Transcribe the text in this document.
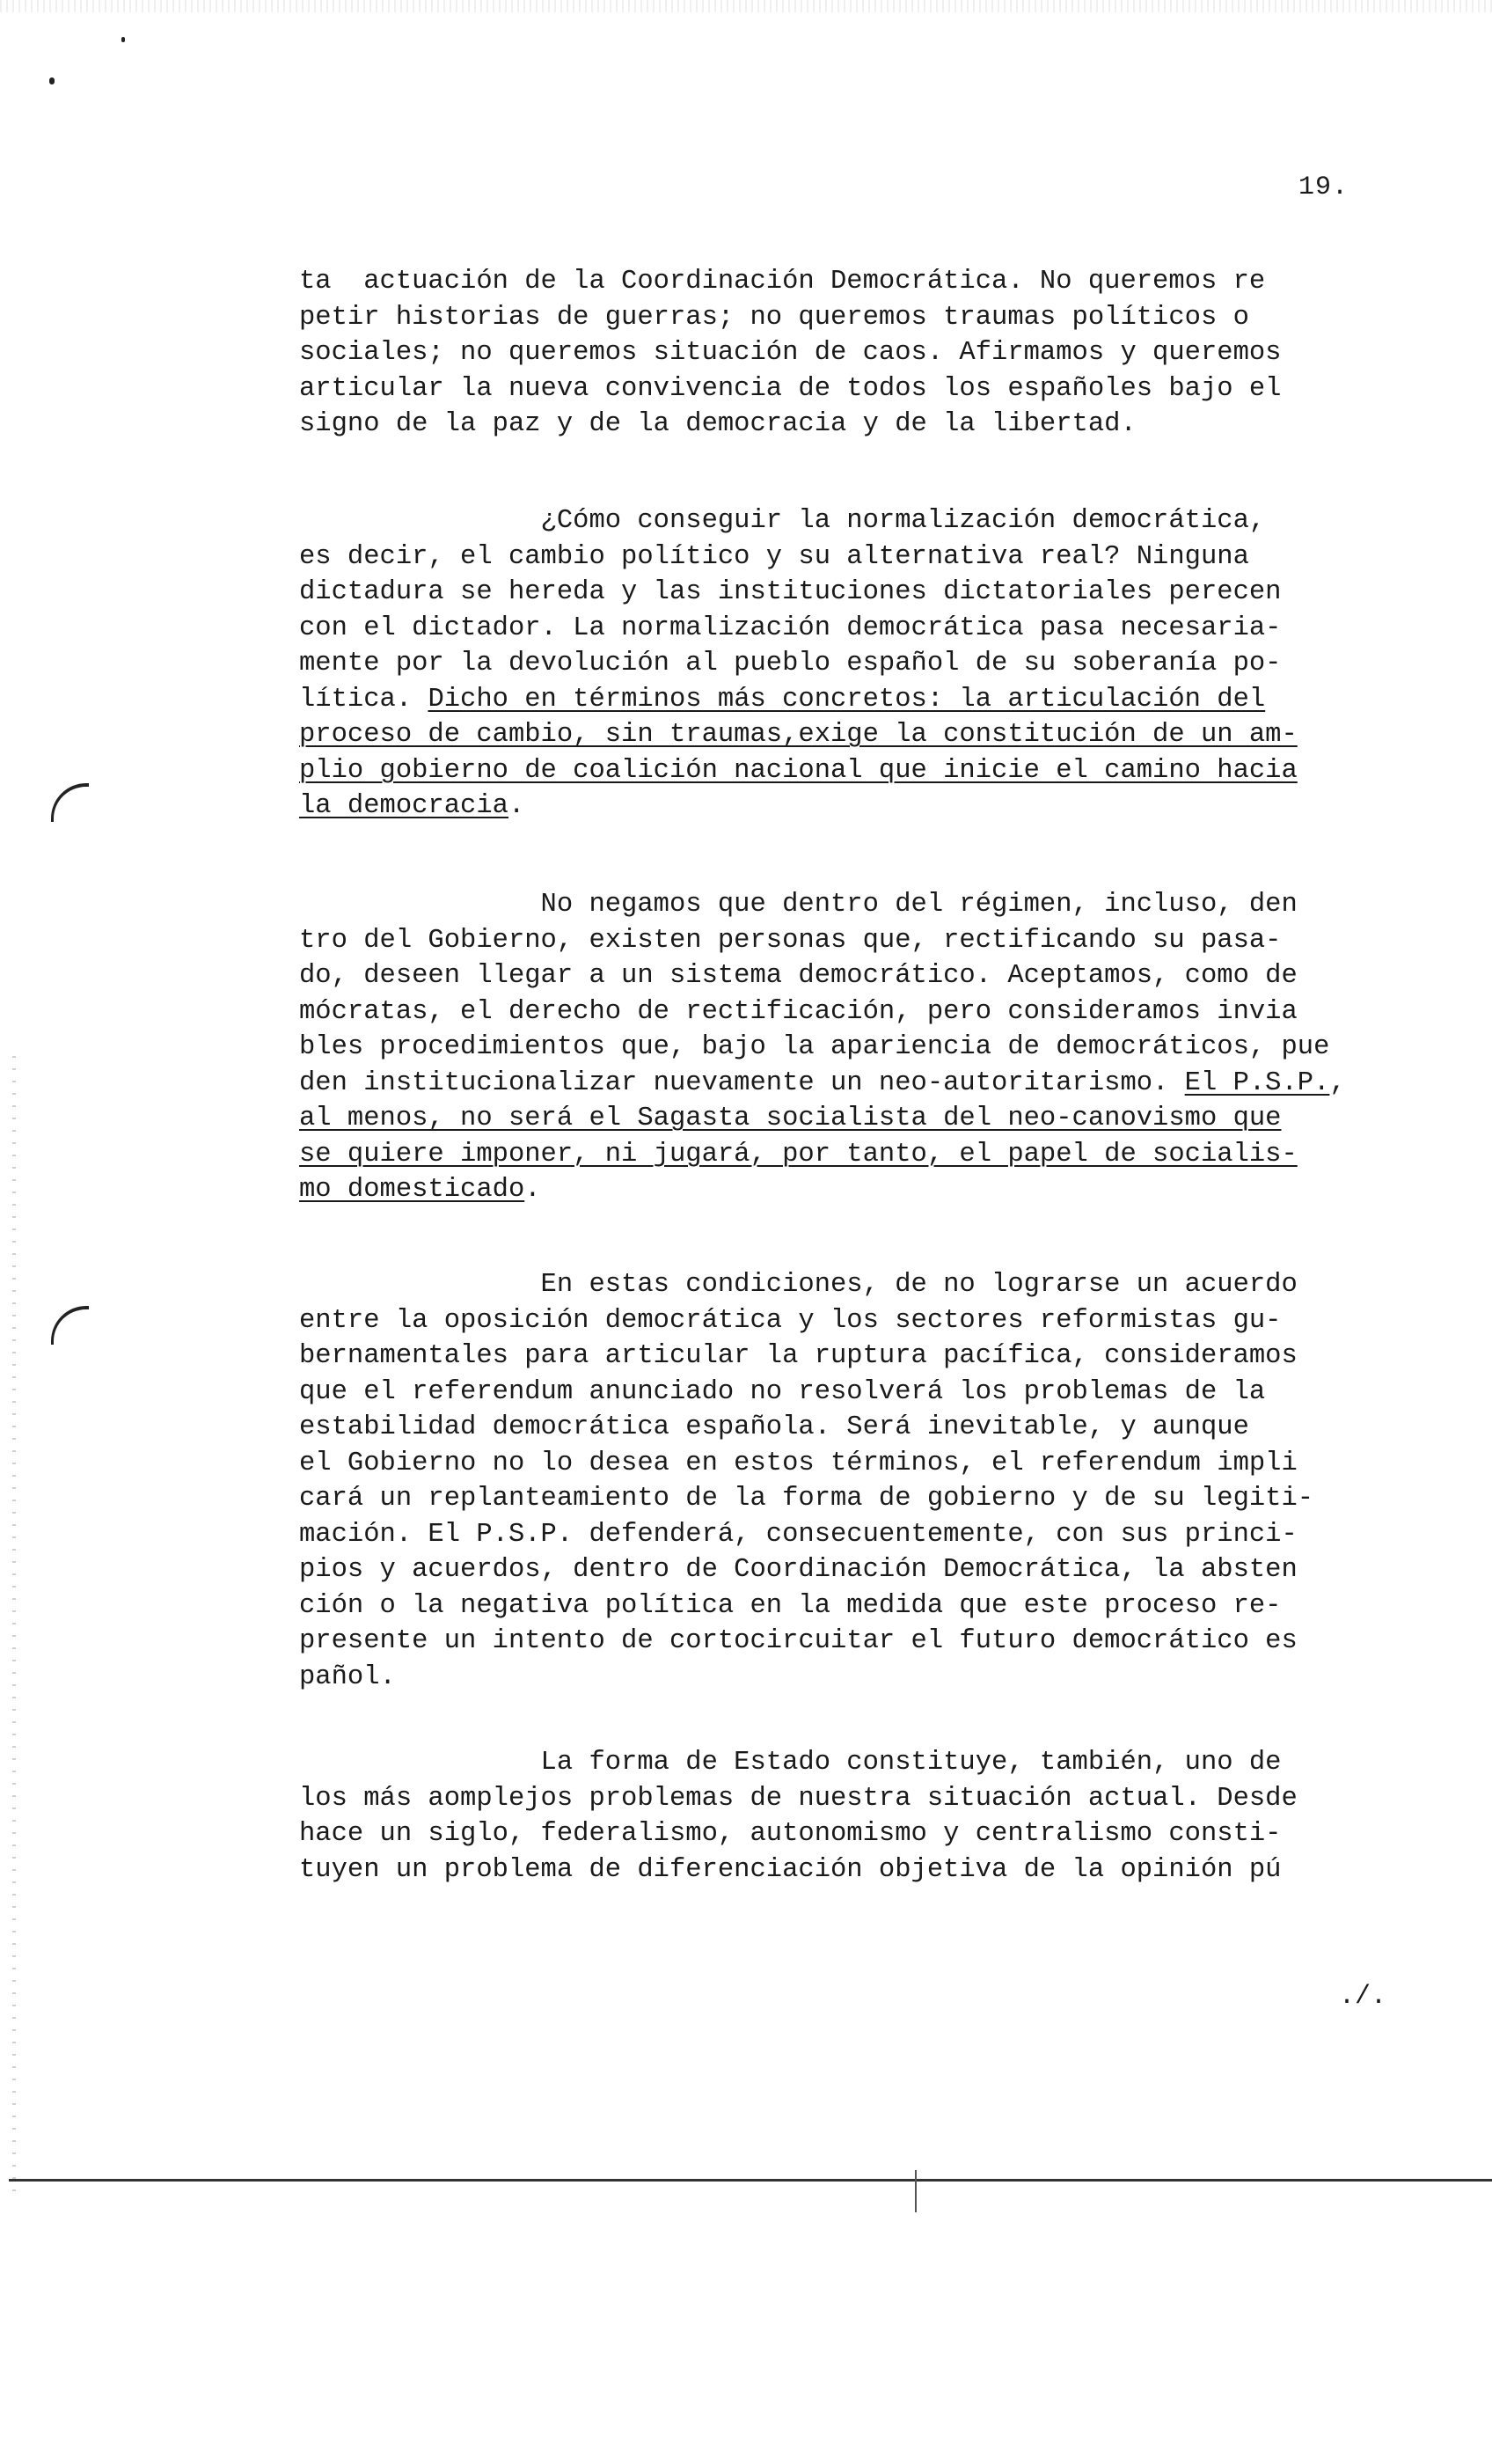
19.

ta  actuación de la Coordinación Democrática. No queremos re
petir historias de guerras; no queremos traumas políticos o
sociales; no queremos situación de caos. Afirmamos y queremos
articular la nueva convivencia de todos los españoles bajo el
signo de la paz y de la democracia y de la libertad.

¿Cómo conseguir la normalización democrática,
es decir, el cambio político y su alternativa real? Ninguna
dictadura se hereda y las instituciones dictatoriales perecen
con el dictador. La normalización democrática pasa necesaria-
mente por la devolución al pueblo español de su soberanía po-
lítica. Dicho en términos más concretos: la articulación del
proceso de cambio, sin traumas,exige la constitución de un am-
plio gobierno de coalición nacional que inicie el camino hacia
la democracia.

No negamos que dentro del régimen, incluso, den
tro del Gobierno, existen personas que, rectificando su pasa-
do, deseen llegar a un sistema democrático. Aceptamos, como de
mócratas, el derecho de rectificación, pero consideramos invia
bles procedimientos que, bajo la apariencia de democráticos, pue
den institucionalizar nuevamente un neo-autoritarismo. El P.S.P.,
al menos, no será el Sagasta socialista del neo-canovismo que
se quiere imponer, ni jugará, por tanto, el papel de socialis-
mo domesticado.

En estas condiciones, de no lograrse un acuerdo
entre la oposición democrática y los sectores reformistas gu-
bernamentales para articular la ruptura pacífica, consideramos
que el referendum anunciado no resolverá los problemas de la
estabilidad democrática española. Será inevitable, y aunque
el Gobierno no lo desea en estos términos, el referendum impli
cará un replanteamiento de la forma de gobierno y de su legiti-
mación. El P.S.P. defenderá, consecuentemente, con sus princi-
pios y acuerdos, dentro de Coordinación Democrática, la absten
ción o la negativa política en la medida que este proceso re-
presente un intento de cortocircuitar el futuro democrático es
pañol.

La forma de Estado constituye, también, uno de
los más aomplejos problemas de nuestra situación actual. Desde
hace un siglo, federalismo, autonomismo y centralismo consti-
tuyen un problema de diferenciación objetiva de la opinión pú

./.
